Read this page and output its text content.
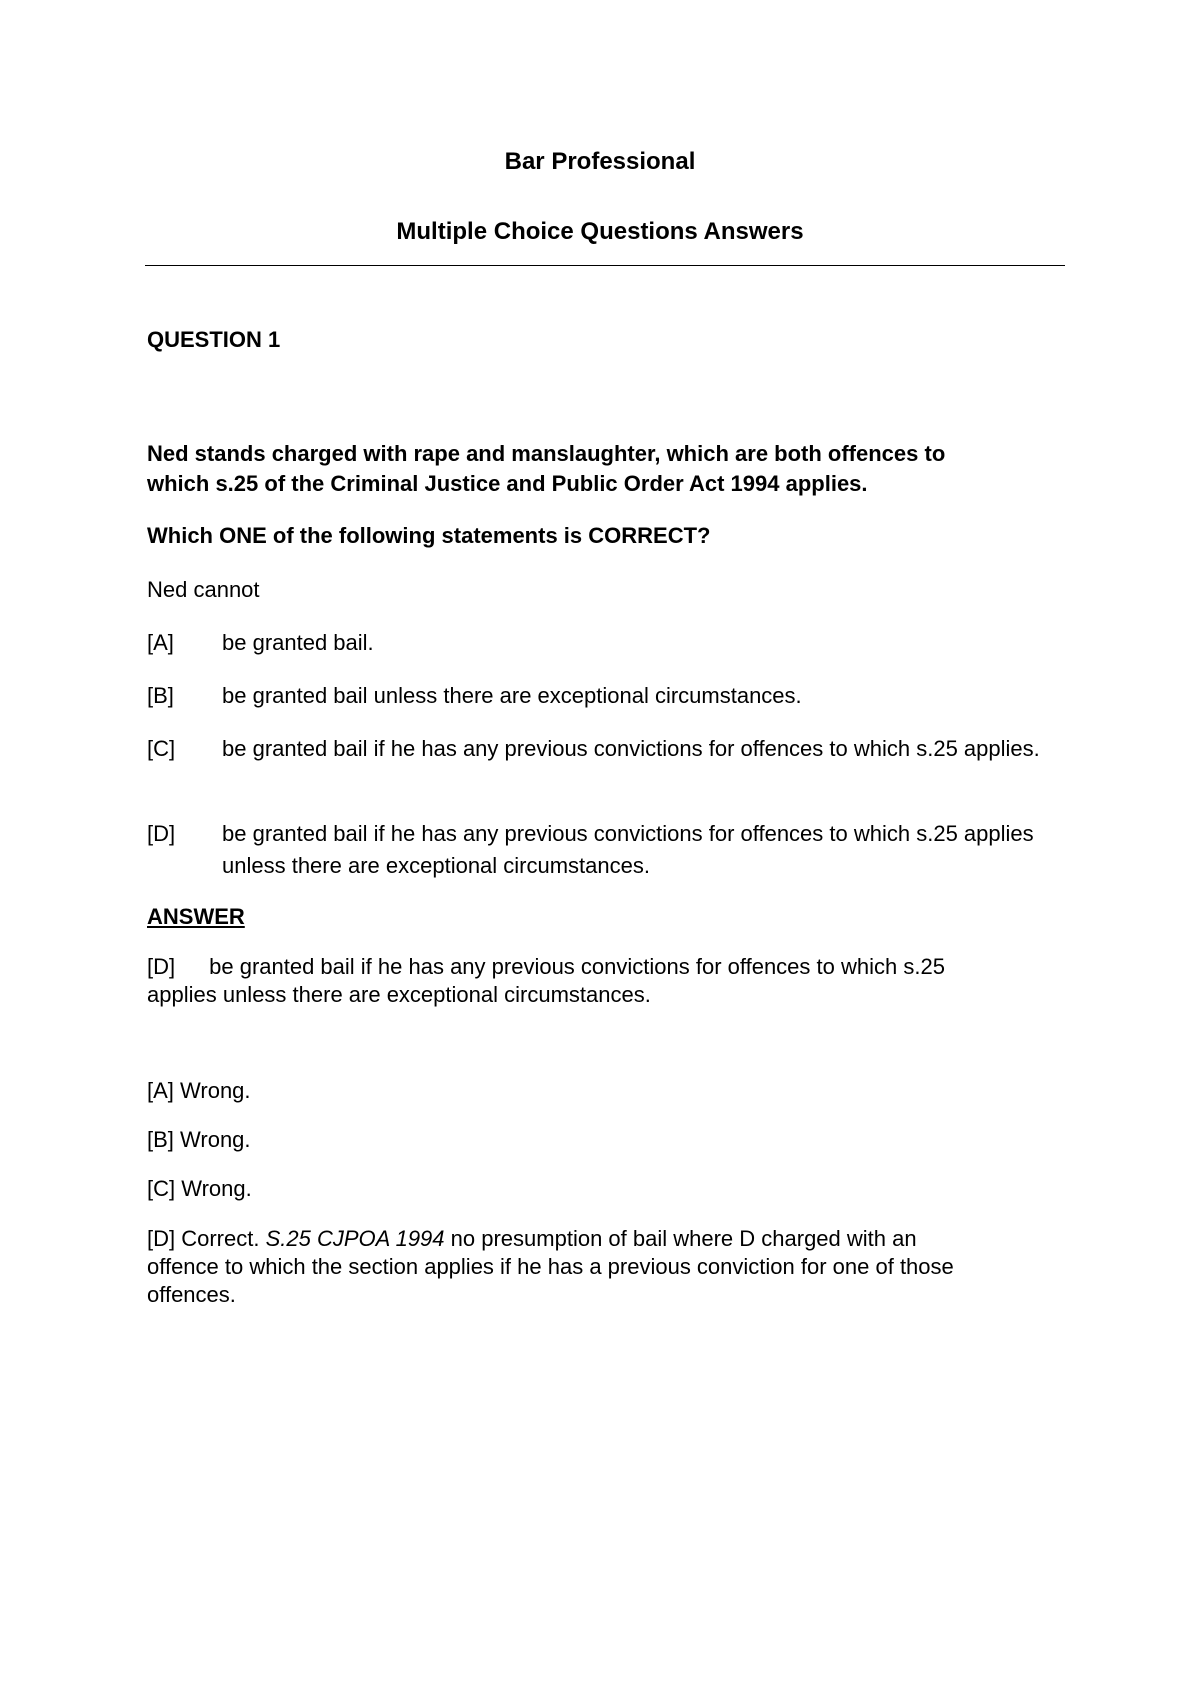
Bar Professional
Multiple Choice Questions Answers

QUESTION 1

Ned stands charged with rape and manslaughter, which are both offences to

which s.25 of the Criminal Justice and Public Order Act 1994 applies.

Which ONE of the following statements is CORRECT?

Ned cannot

[A] be granted bail.

[B] be granted bail unless there are exceptional circumstances.

[C] be granted bail if he has any previous convictions for offences to which s.25 applies.

[D] be granted bail if he has any previous convictions for offences to which s.25 applies unless there are exceptional circumstances.

ANSWER

[D] be granted bail if he has any previous convictions for offences to which s.25

applies unless there are exceptional circumstances.

[A] Wrong.

[B] Wrong.

[C] Wrong.

[D] Correct. S.25 CJPOA 1994 no presumption of bail where D charged with an

offence to which the section applies if he has a previous conviction for one of those

offences.
